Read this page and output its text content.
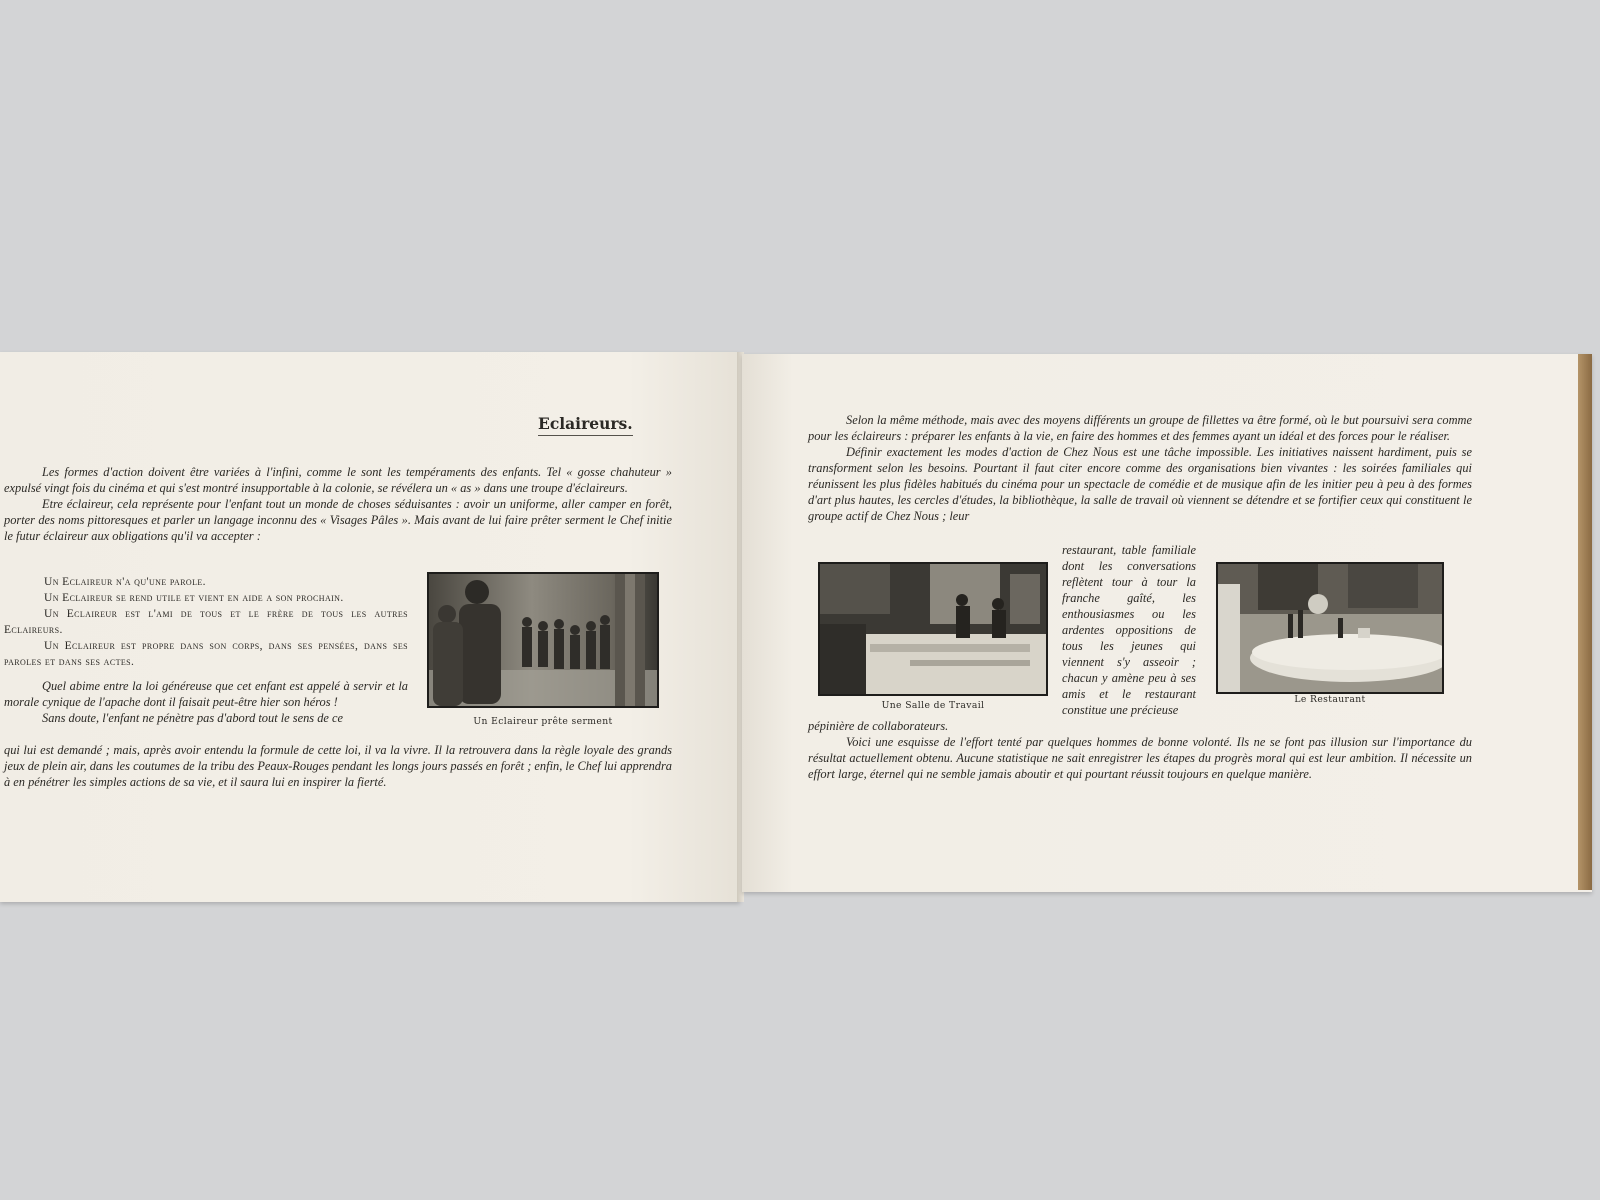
Eclaireurs.

Les formes d'action doivent être variées à l'infini, comme le sont les tempéraments des enfants. Tel « gosse chahuteur » expulsé vingt fois du cinéma et qui s'est montré insupportable à la colonie, se révélera un « as » dans une troupe d'éclaireurs.

Etre éclaireur, cela représente pour l'enfant tout un monde de choses séduisantes : avoir un uniforme, aller camper en forêt, porter des noms pittoresques et parler un langage inconnu des « Visages Pâles ». Mais avant de lui faire prêter serment le Chef initie le futur éclaireur aux obligations qu'il va accepter :

Un Eclaireur n'a qu'une parole.
Un Eclaireur se rend utile et vient en aide a son prochain.
Un Eclaireur est l'ami de tous et le frère de tous les autres Eclaireurs.
Un Eclaireur est propre dans son corps, dans ses pensées, dans ses paroles et dans ses actes.

Quel abime entre la loi généreuse que cet enfant est appelé à servir et la morale cynique de l'apache dont il faisait peut-être hier son héros !

Sans doute, l'enfant ne pénètre pas d'abord tout le sens de ce

qui lui est demandé ; mais, après avoir entendu la formule de cette loi, il va la vivre. Il la retrouvera dans la règle loyale des grands jeux de plein air, dans les coutumes de la tribu des Peaux-Rouges pendant les longs jours passés en forêt ; enfin, le Chef lui apprendra à en pénétrer les simples actions de sa vie, et il saura lui en inspirer la fierté.

Un Eclaireur prête serment

Selon la même méthode, mais avec des moyens différents un groupe de fillettes va être formé, où le but poursuivi sera comme pour les éclaireurs : préparer les enfants à la vie, en faire des hommes et des femmes ayant un idéal et des forces pour le réaliser.

Définir exactement les modes d'action de Chez Nous est une tâche impossible. Les initiatives naissent hardiment, puis se transforment selon les besoins. Pourtant il faut citer encore comme des organisations bien vivantes : les soirées familiales qui réunissent les plus fidèles habitués du cinéma pour un spectacle de comédie et de musique afin de les initier peu à peu à des formes d'art plus hautes, les cercles d'études, la bibliothèque, la salle de travail où viennent se détendre et se fortifier ceux qui constituent le groupe actif de Chez Nous ; leur

Une Salle de Travail

restaurant, table familiale dont les conversations reflètent tour à tour la franche gaîté, les enthousiasmes ou les ardentes oppositions de tous les jeunes qui viennent s'y asseoir ; chacun y amène peu à ses amis et le restaurant constitue une précieuse

Le Restaurant

pépinière de collaborateurs.

Voici une esquisse de l'effort tenté par quelques hommes de bonne volonté. Ils ne se font pas illusion sur l'importance du résultat actuellement obtenu. Aucune statistique ne sait enregistrer les étapes du progrès moral qui est leur ambition. Il nécessite un effort large, éternel qui ne semble jamais aboutir et qui pourtant réussit toujours en quelque manière.
